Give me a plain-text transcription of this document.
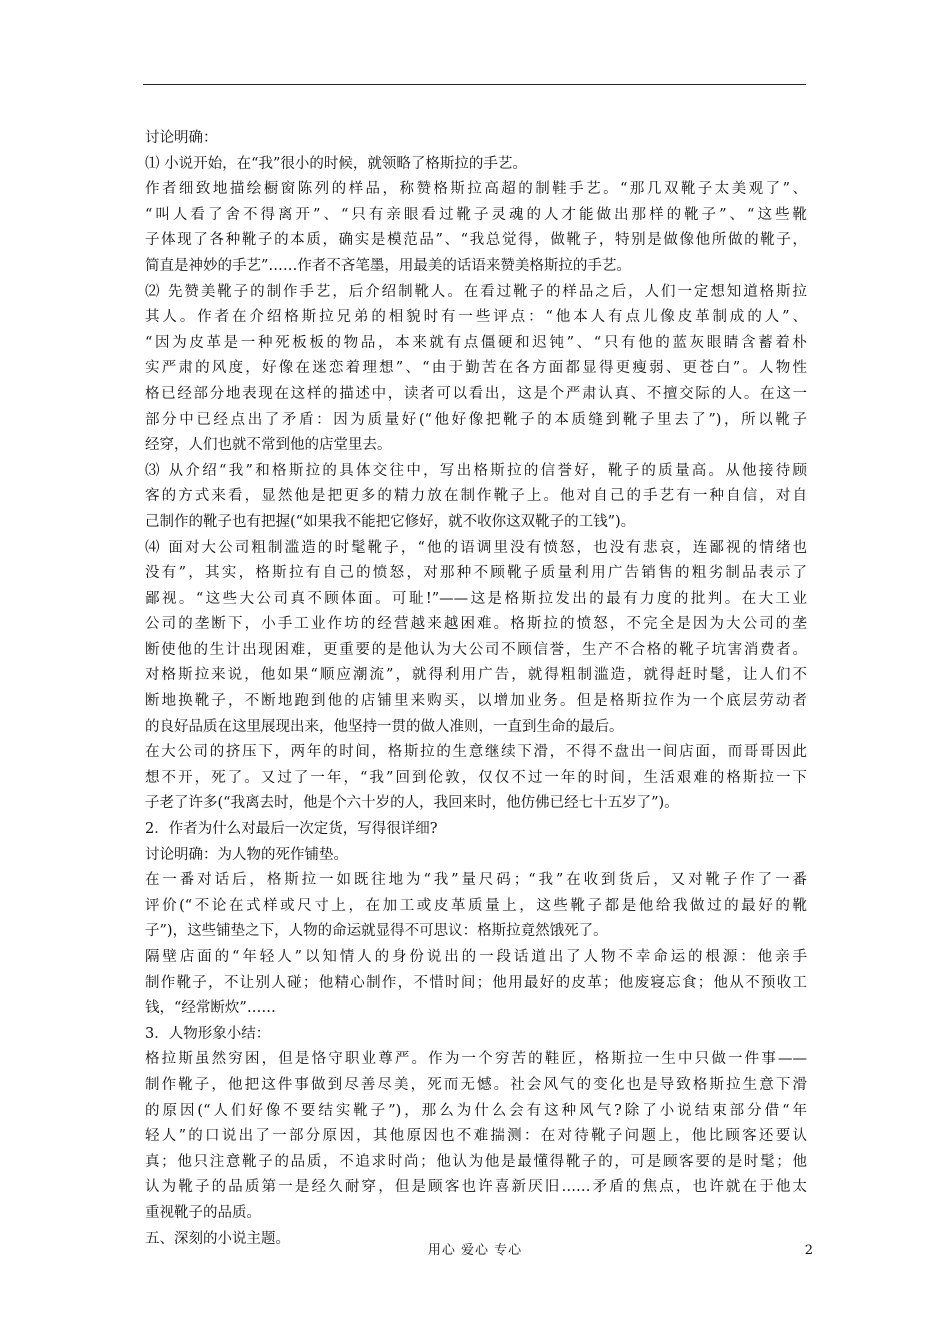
讨论明确：
⑴ 小说开始，在“我”很小的时候，就领略了格斯拉的手艺。
作者细致地描绘橱窗陈列的样品，称赞格斯拉高超的制鞋手艺。“那几双靴子太美观了”、
“叫人看了舍不得离开”、“只有亲眼看过靴子灵魂的人才能做出那样的靴子”、“这些靴
子体现了各种靴子的本质，确实是模范品”、“我总觉得，做靴子，特别是做像他所做的靴子，
简直是神妙的手艺”……作者不吝笔墨，用最美的话语来赞美格斯拉的手艺。
⑵ 先赞美靴子的制作手艺，后介绍制靴人。在看过靴子的样品之后，人们一定想知道格斯拉
其人。作者在介绍格斯拉兄弟的相貌时有一些评点：“他本人有点儿像皮革制成的人”、
“因为皮革是一种死板板的物品，本来就有点僵硬和迟钝”、“只有他的蓝灰眼睛含蓄着朴
实严肃的风度，好像在迷恋着理想”、“由于勤苦在各方面都显得更瘦弱、更苍白”。人物性
格已经部分地表现在这样的描述中，读者可以看出，这是个严肃认真、不擅交际的人。在这一
部分中已经点出了矛盾：因为质量好(“他好像把靴子的本质缝到靴子里去了”)，所以靴子
经穿，人们也就不常到他的店堂里去。
⑶ 从介绍“我”和格斯拉的具体交往中，写出格斯拉的信誉好，靴子的质量高。从他接待顾
客的方式来看，显然他是把更多的精力放在制作靴子上。他对自己的手艺有一种自信，对自
己制作的靴子也有把握(“如果我不能把它修好，就不收你这双靴子的工钱”)。
⑷ 面对大公司粗制滥造的时髦靴子，“他的语调里没有愤怒，也没有悲哀，连鄙视的情绪也
没有”，其实，格斯拉有自己的愤怒，对那种不顾靴子质量利用广告销售的粗劣制品表示了
鄙视。“这些大公司真不顾体面。可耻!”——这是格斯拉发出的最有力度的批判。在大工业
公司的垄断下，小手工业作坊的经营越来越困难。格斯拉的愤怒，不完全是因为大公司的垄
断使他的生计出现困难，更重要的是他认为大公司不顾信誉，生产不合格的靴子坑害消费者。
对格斯拉来说，他如果“顺应潮流”，就得利用广告，就得粗制滥造，就得赶时髦，让人们不
断地换靴子，不断地跑到他的店铺里来购买，以增加业务。但是格斯拉作为一个底层劳动者
的良好品质在这里展现出来，他坚持一贯的做人准则，一直到生命的最后。
在大公司的挤压下，两年的时间，格斯拉的生意继续下滑，不得不盘出一间店面，而哥哥因此
想不开，死了。又过了一年，“我”回到伦敦，仅仅不过一年的时间，生活艰难的格斯拉一下
子老了许多(“我离去时，他是个六十岁的人，我回来时，他仿佛已经七十五岁了”)。
2．作者为什么对最后一次定货，写得很详细?
讨论明确：为人物的死作铺垫。
在一番对话后，格斯拉一如既往地为“我”量尺码；“我”在收到货后，又对靴子作了一番
评价(“不论在式样或尺寸上，在加工或皮革质量上，这些靴子都是他给我做过的最好的靴
子”)，这些铺垫之下，人物的命运就显得不可思议：格斯拉竟然饿死了。
隔壁店面的“年轻人”以知情人的身份说出的一段话道出了人物不幸命运的根源：他亲手
制作靴子，不让别人碰；他精心制作，不惜时间；他用最好的皮革；他废寝忘食；他从不预收工
钱，“经常断炊”……
3．人物形象小结：
格拉斯虽然穷困，但是恪守职业尊严。作为一个穷苦的鞋匠，格斯拉一生中只做一件事——
制作靴子，他把这件事做到尽善尽美，死而无憾。社会风气的变化也是导致格斯拉生意下滑
的原因(“人们好像不要结实靴子”)，那么为什么会有这种风气?除了小说结束部分借“年
轻人”的口说出了一部分原因，其他原因也不难揣测：在对待靴子问题上，他比顾客还要认
真；他只注意靴子的品质，不追求时尚；他认为他是最懂得靴子的，可是顾客要的是时髦；他
认为靴子的品质第一是经久耐穿，但是顾客也许喜新厌旧……矛盾的焦点，也许就在于他太
重视靴子的品质。
五、深刻的小说主题。
用心 爱心 专心	2
